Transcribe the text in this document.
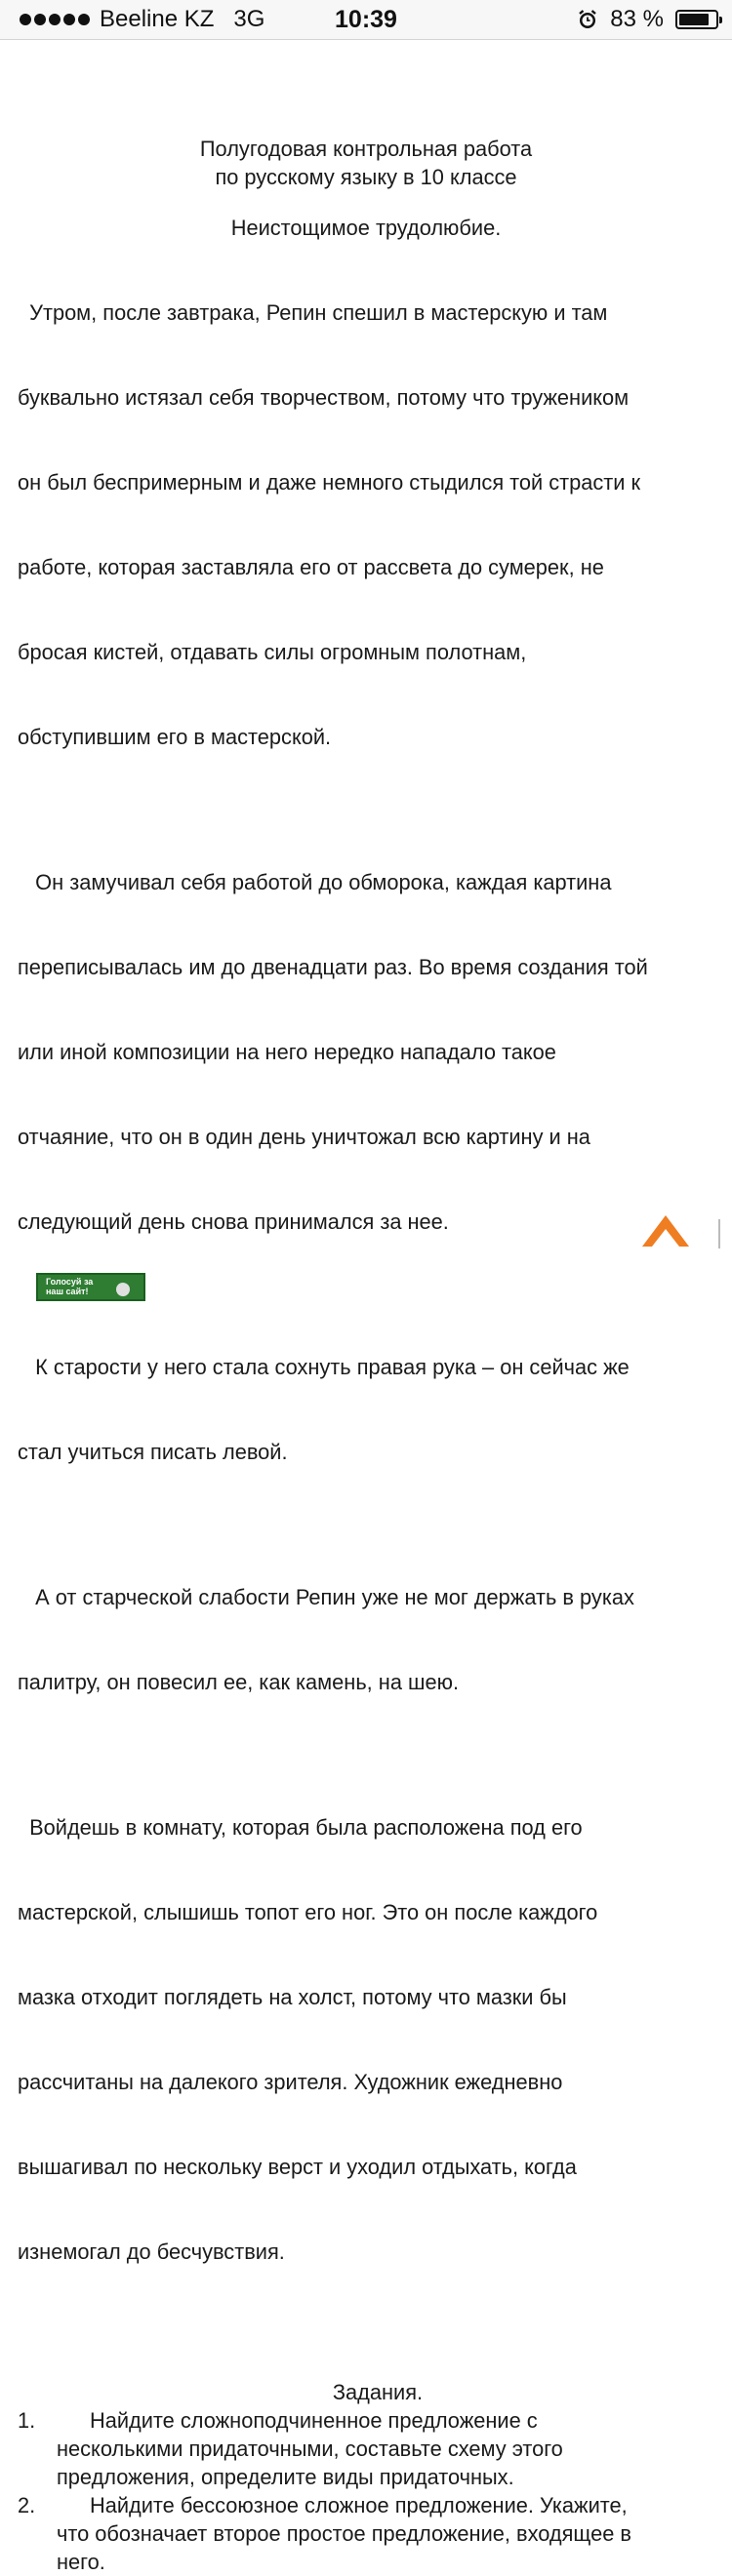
Beeline KZ 3G	10:39	83 %
Полугодовая контрольная работа
по русскому языку в 10 классе
Неистощимое трудолюбие.

Утром, после завтрака, Репин спешил в мастерскую и там

буквально истязал себя творчеством, потому что тружеником

он был беспримерным и даже немного стыдился той страсти к

работе, которая заставляла его от рассвета до сумерек, не

бросая кистей, отдавать силы огромным полотнам,

обступившим его в мастерской.

Он замучивал себя работой до обморока, каждая картина

переписывалась им до двенадцати раз. Во время создания той

или иной композиции на него нередко нападало такое

отчаяние, что он в один день уничтожал всю картину и на

следующий день снова принимался за нее.

К старости у него стала сохнуть правая рука – он сейчас же

стал учиться писать левой.

А от старческой слабости Репин уже не мог держать в руках

палитру, он повесил ее, как камень, на шею.

Войдешь в комнату, которая была расположена под его

мастерской, слышишь топот его ног. Это он после каждого

мазка отходит поглядеть на холст, потому что мазки бы

рассчитаны на далекого зрителя. Художник ежедневно

вышагивал по нескольку верст и уходил отдыхать, когда

изнемогал до бесчувствия.

Задания.
1.	Найдите сложноподчиненное предложение с
несколькими придаточными, составьте схему этого
предложения, определите виды придаточных.
2.	Найдите бессоюзное сложное предложение. Укажите,
что обозначает второе простое предложение, входящее в
него.
Голосуй за
наш сайт!
